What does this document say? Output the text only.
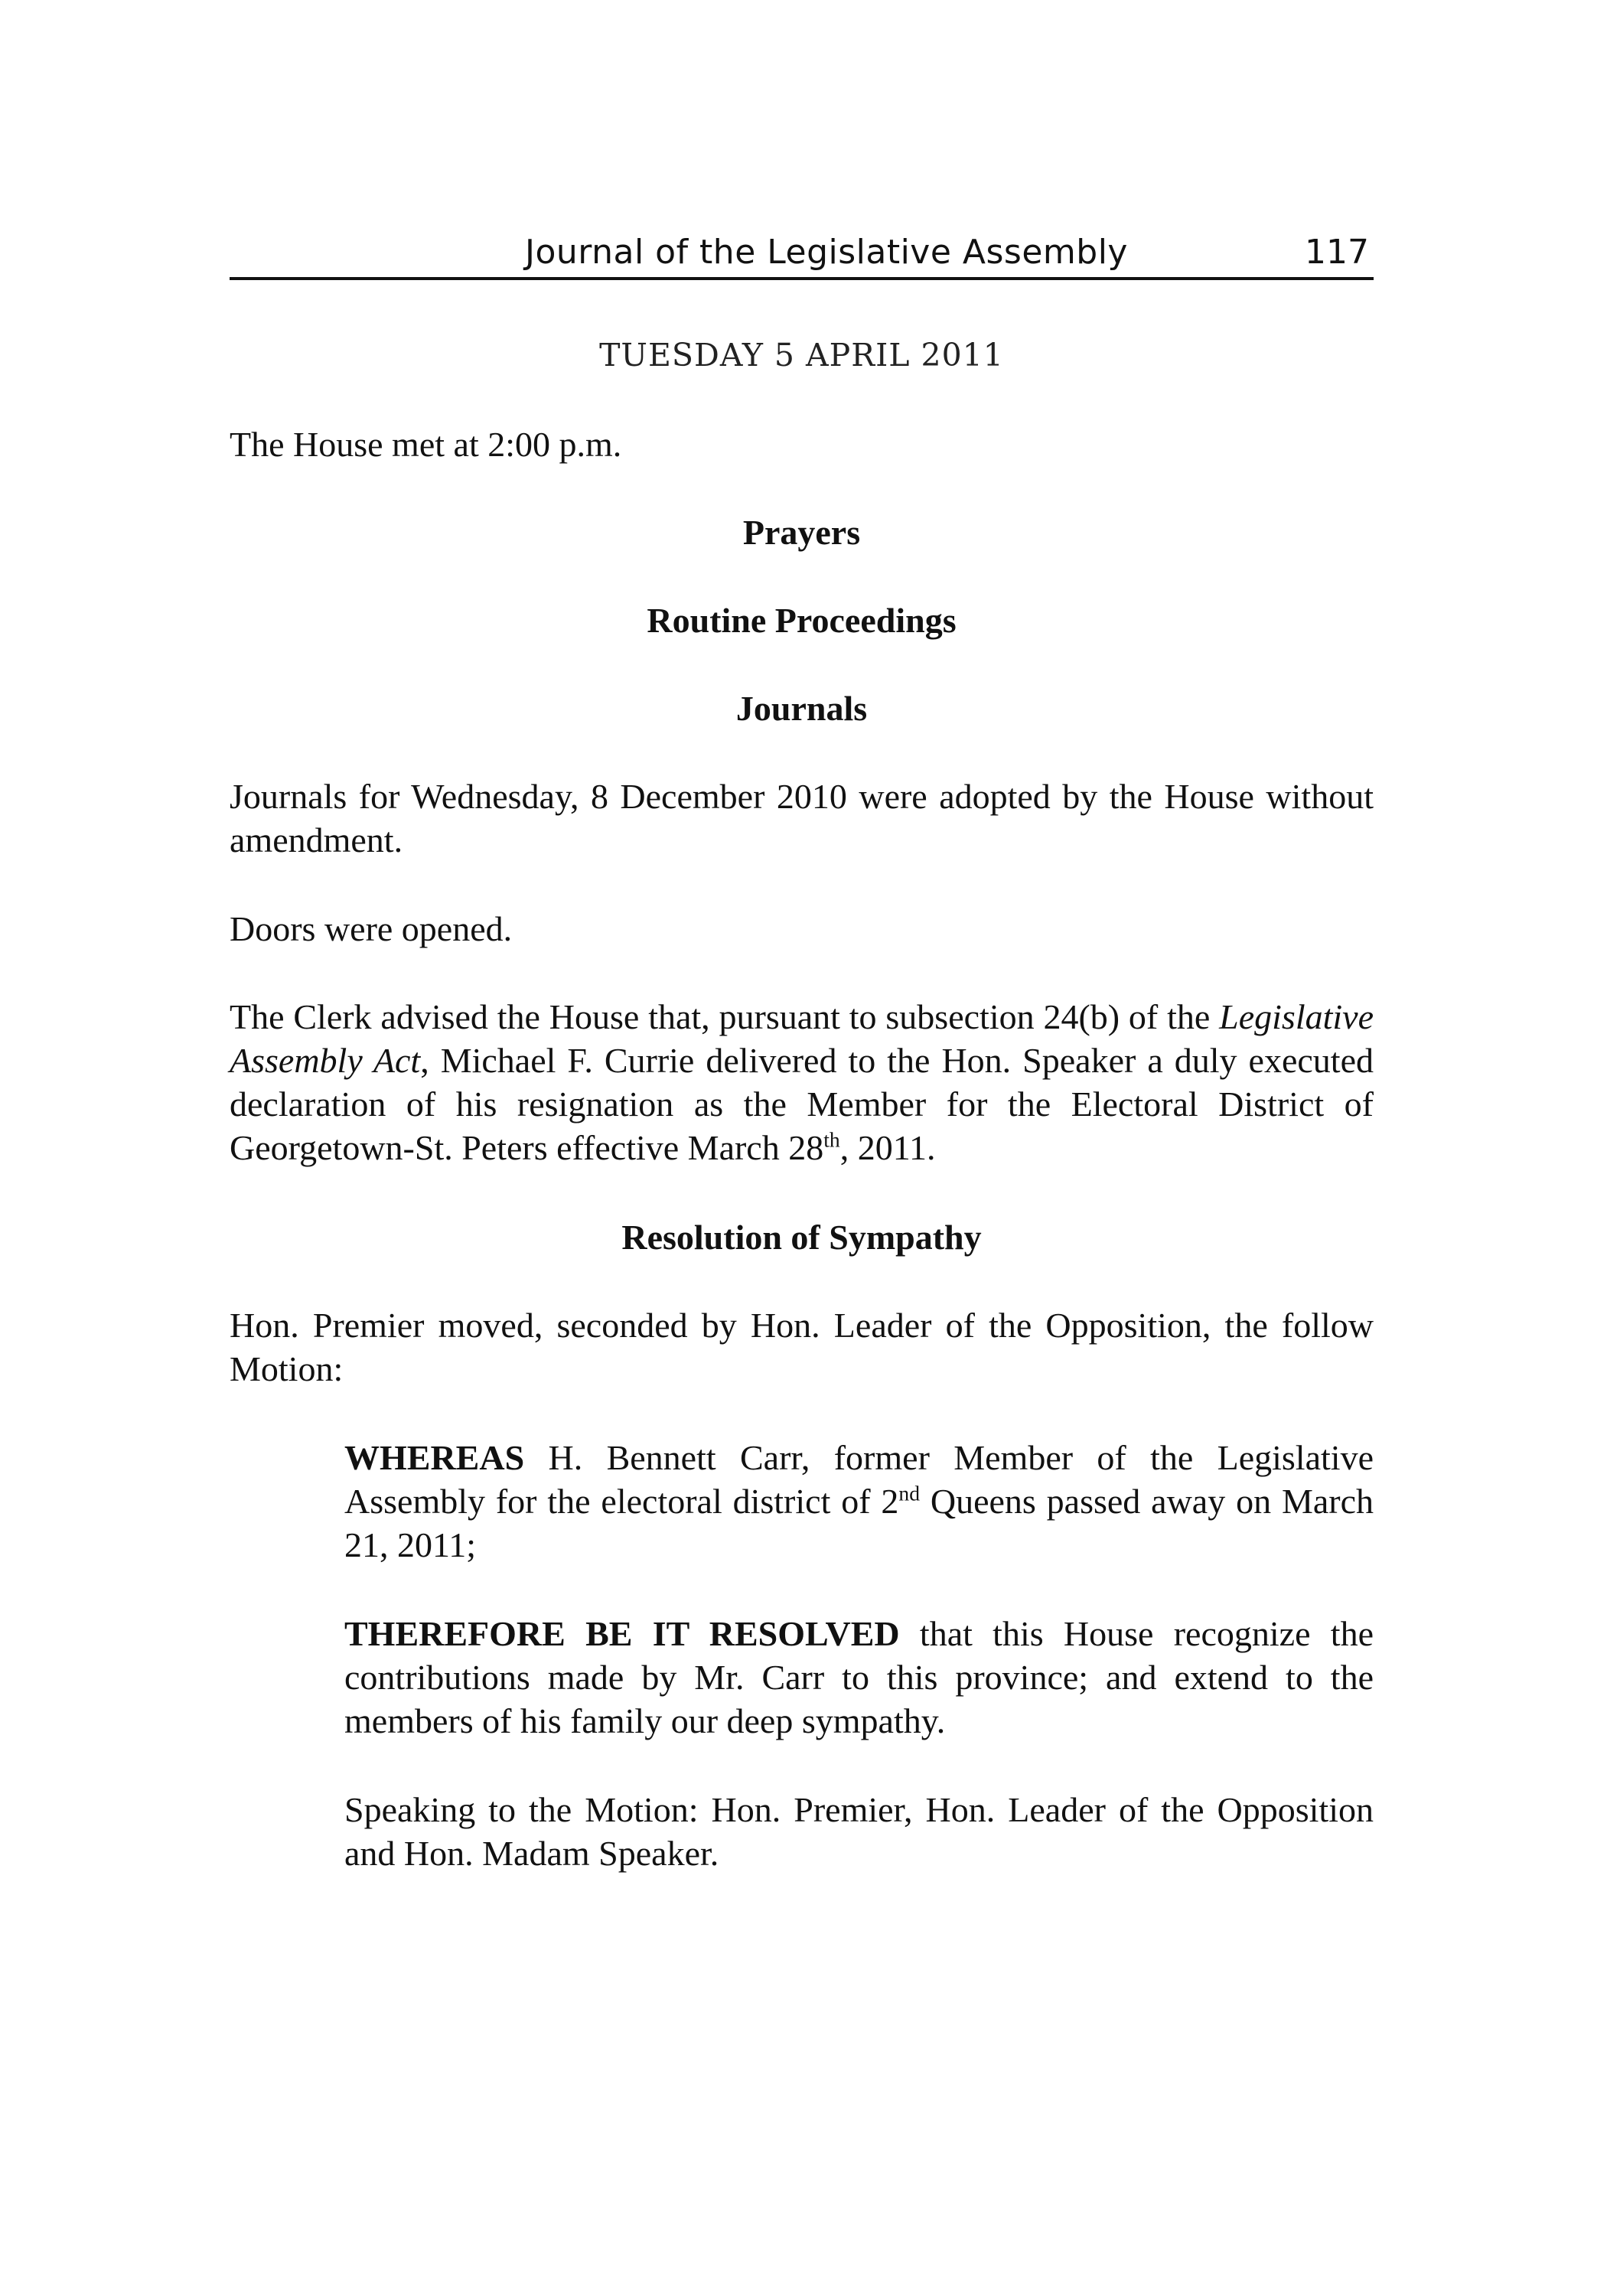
Journal of the Legislative Assembly	117
TUESDAY 5 APRIL 2011
The House met at 2:00 p.m.
Prayers
Routine Proceedings
Journals
Journals for Wednesday, 8 December 2010 were adopted by the House without amendment.
Doors were opened.

The Clerk advised the House that, pursuant to subsection 24(b) of the Legislative Assembly Act, Michael F. Currie delivered to the Hon. Speaker a duly executed declaration of his resignation as the Member for the Electoral District of Georgetown-St. Peters effective March 28th, 2011.

Resolution of Sympathy
Hon. Premier moved, seconded by Hon. Leader of the Opposition, the follow Motion:

WHEREAS H. Bennett Carr, former Member of the Legislative Assembly for the electoral district of 2nd Queens passed away on March 21, 2011;

THEREFORE BE IT RESOLVED that this House recognize the contributions made by Mr. Carr to this province; and extend to the members of his family our deep sympathy.

Speaking to the Motion: Hon. Premier, Hon. Leader of the Opposition and Hon. Madam Speaker.
